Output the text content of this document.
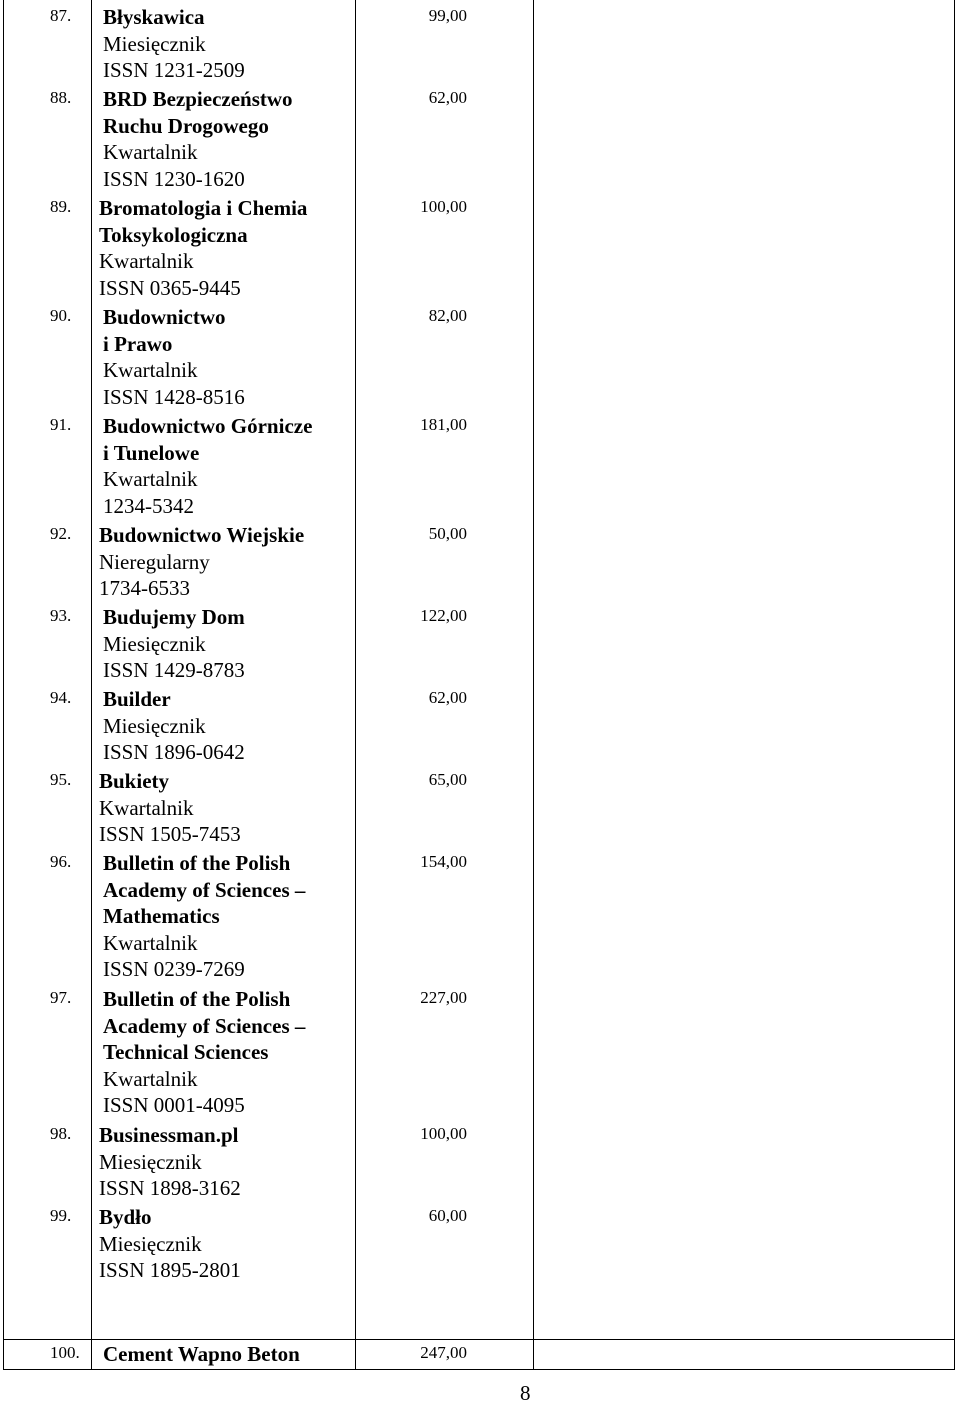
87. Błyskawica
Miesięcznik
ISSN 1231-2509
99,00
88. BRD Bezpieczeństwo
Ruchu Drogowego
Kwartalnik
ISSN 1230-1620
62,00
89. Bromatologia i Chemia
Toksykologiczna
Kwartalnik
ISSN 0365-9445
100,00
90. Budownictwo
i Prawo
Kwartalnik
ISSN 1428-8516
82,00
91. Budownictwo Górnicze
i Tunelowe
Kwartalnik
1234-5342
181,00
92. Budownictwo Wiejskie
Nieregularny
1734-6533
50,00
93. Budujemy Dom
Miesięcznik
ISSN 1429-8783
122,00
94. Builder
Miesięcznik
ISSN 1896-0642
62,00
95. Bukiety
Kwartalnik
ISSN 1505-7453
65,00
96. Bulletin of the Polish
Academy of Sciences –
Mathematics
Kwartalnik
ISSN 0239-7269
154,00
97. Bulletin of the Polish
Academy of Sciences –
Technical Sciences
Kwartalnik
ISSN 0001-4095
227,00
98. Businessman.pl
Miesięcznik
ISSN 1898-3162
100,00
99. Bydło
Miesięcznik
ISSN 1895-2801
60,00
100. Cement Wapno Beton	247,00
8
